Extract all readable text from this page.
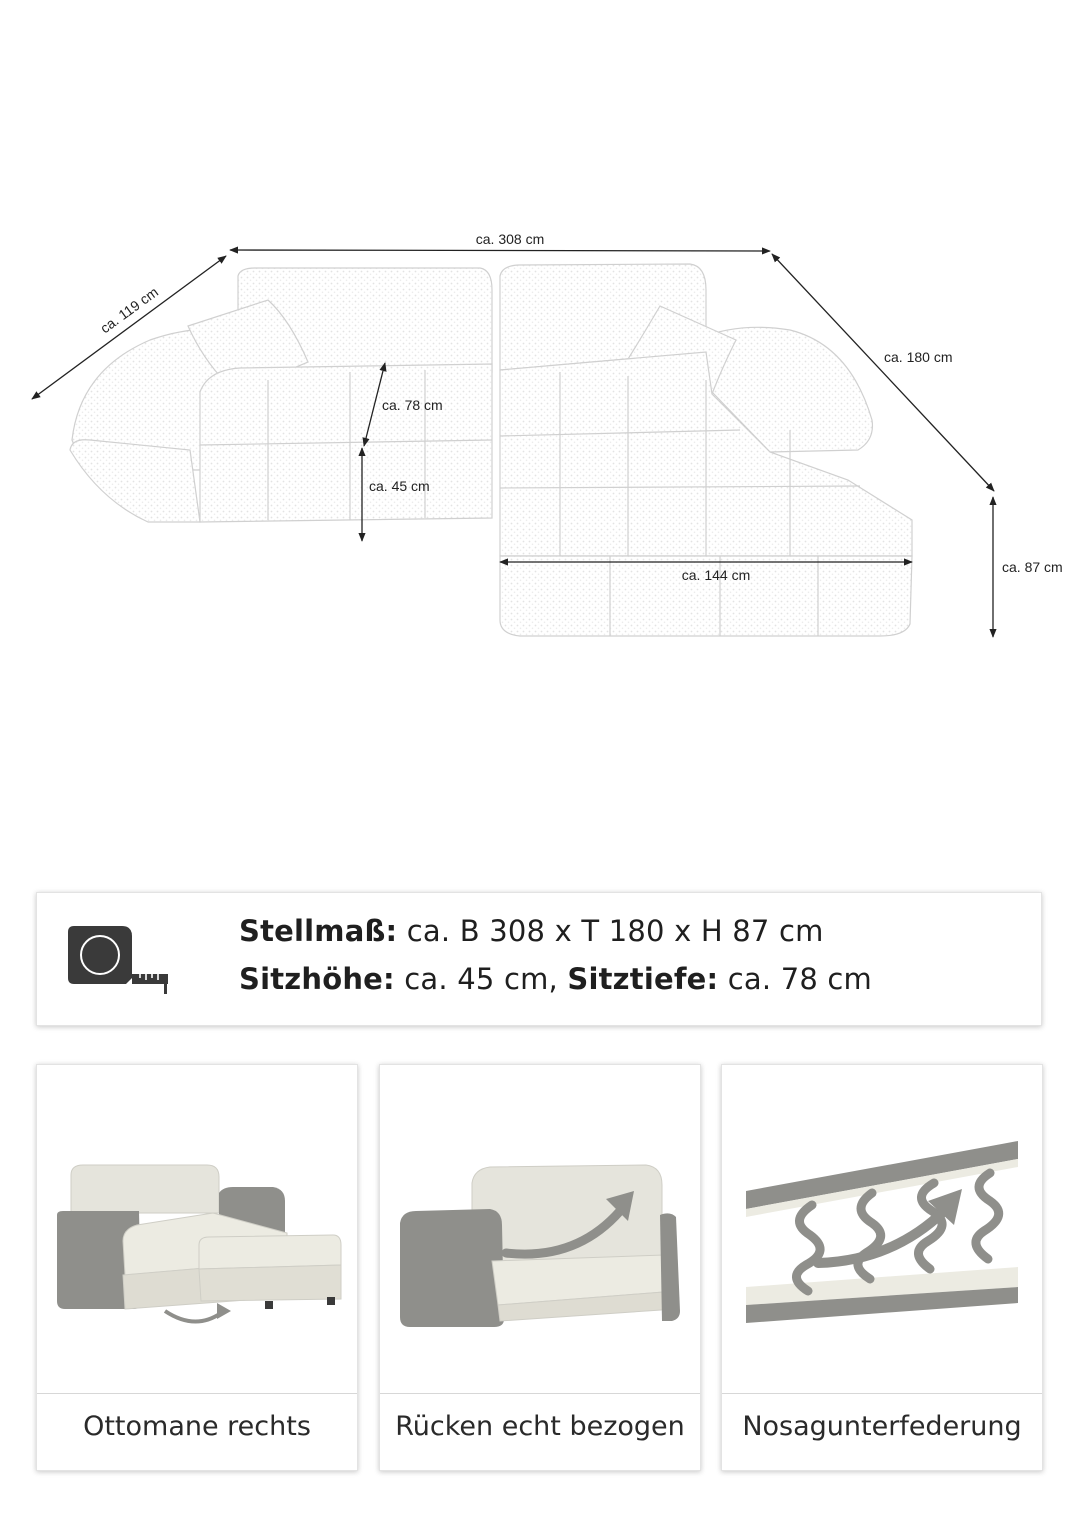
ca. 308 cm
ca. 119 cm
ca. 180 cm
ca. 78 cm
ca. 45 cm
ca. 144 cm	ca. 87 cm
Stellmaß: ca. B 308 x T 180 x H 87 cm
Sitzhöhe: ca. 45 cm, Sitztiefe: ca. 78 cm
Ottomane rechts	Rücken echt bezogen	Nosagunterfederung
